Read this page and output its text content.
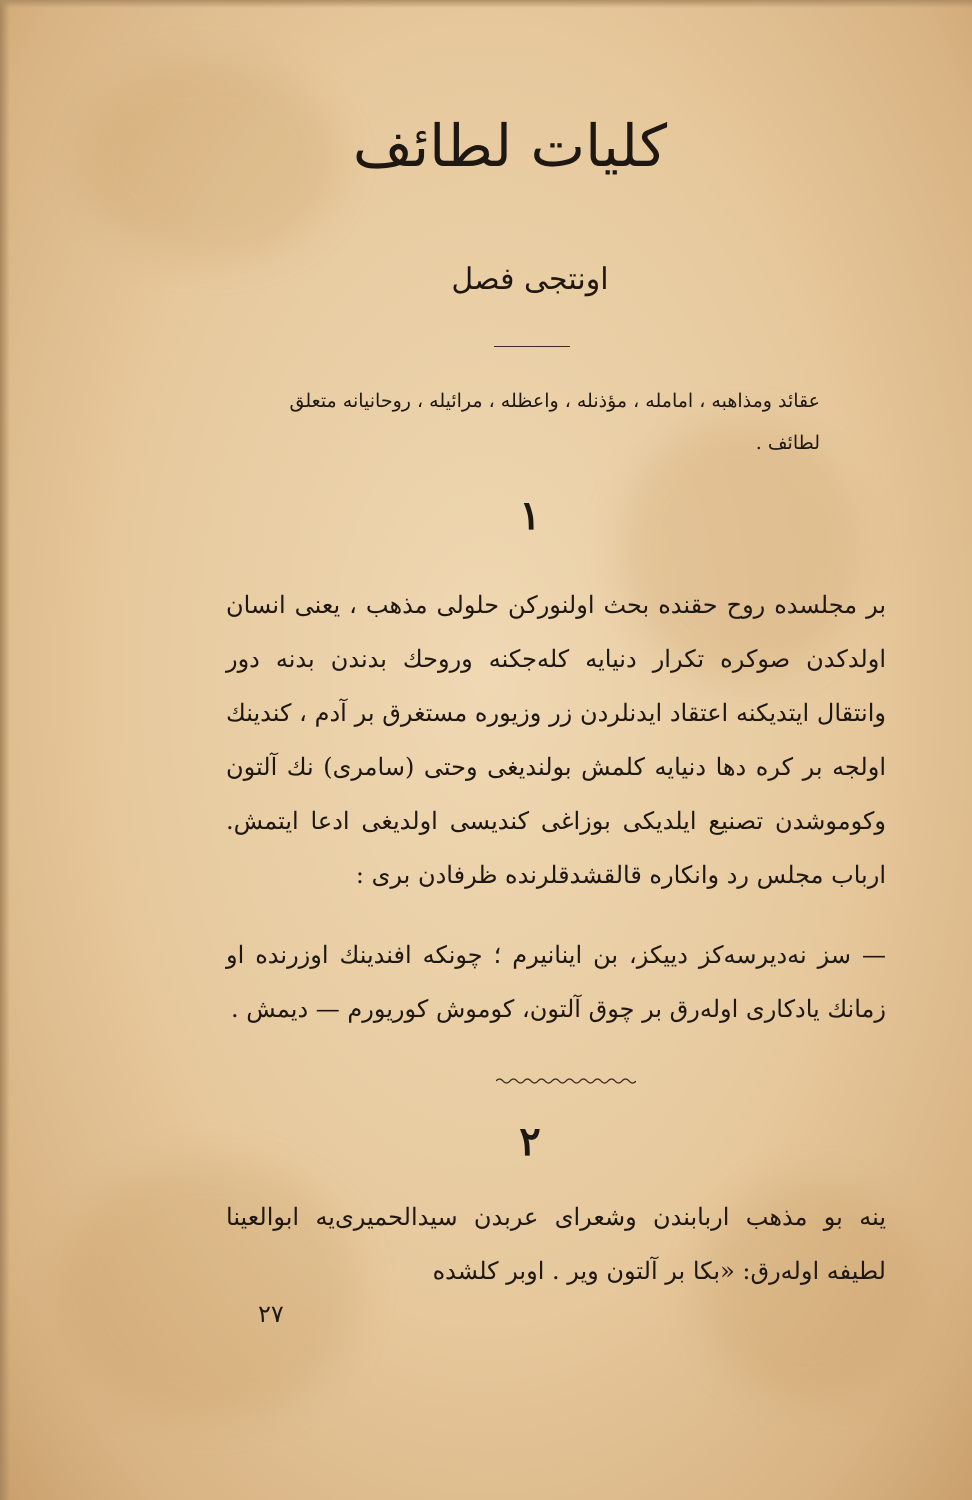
کلیات لطائف
اونتجی فصل
عقائد ومذاهبه ، امامله ، مؤذنله ، واعظله ، مرائیله ، روحانیانه متعلق لطائف .
١
بر مجلسده روح حقنده بحث اولنورکن حلولی مذهب ، یعنی انسان اولدکدن صوکره تکرار دنیایه کله‌جکنه وروحك بدندن بدنه دور وانتقال ایتدیکنه اعتقاد ایدنلردن زر وزیوره مستغرق بر آدم ، کندینك اولجه بر کره دها دنیایه کلمش بولندیغی وحتی (سامری) نك آلتون وکوموشدن تصنیع ایلدیکی بوزاغی کندیسی اولدیغی ادعا ایتمش. ارباب مجلس رد وانکاره قالقشدقلرنده ظرفادن بری :
— سز نه‌دیرسه‌کز دییکز، بن اینانیرم ؛ چونکه افندینك اوزرنده او زمانك یادکاری اوله‌رق بر چوق آلتون، کوموش کوریورم — دیمش .
٢
ینه بو مذهب اربابندن وشعرای عربدن سیدالحمیری‌یه ابوالعینا لطیفه اوله‌رق: «بکا بر آلتون ویر . اوبر کلشده
٢٧
